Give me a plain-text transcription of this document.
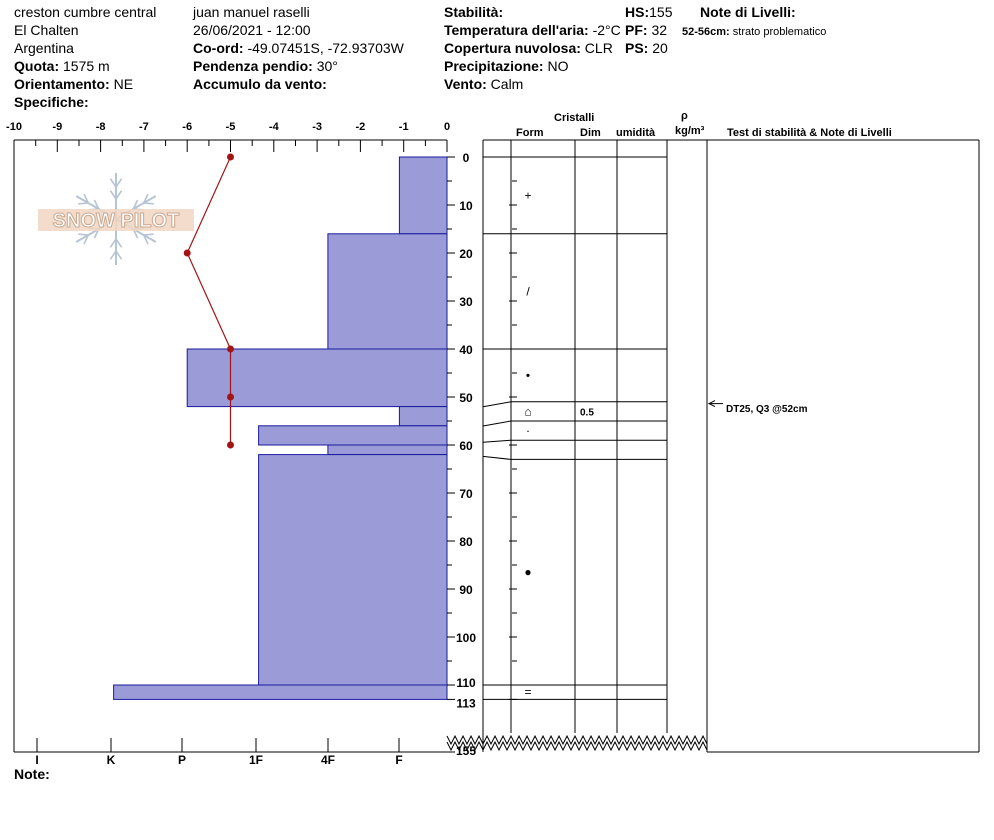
SNOW PILOT
-10	-9	-8	-7	-6	-5	-4	-3	-2	-1	0
I	K	P	1F	4F	F
0
10
20
30
40
50
60
70
80
90
100
110
113
155
+
/
•
⌂	0.5
·
●
=
creston cumbre central
El Chalten
Argentina
Quota: 1575 m
Orientamento: NE
Specifiche:
juan manuel raselli
26/06/2021 - 12:00
Co-ord: -49.07451S, -72.93703W
Pendenza pendio: 30°
Accumulo da vento:
Stabilità:
Temperatura dell'aria: -2°C
Copertura nuvolosa: CLR
Precipitazione: NO
Vento: Calm
HS:155
PF: 32
PS: 20
Note di Livelli:
52-56cm: strato problematico
Cristalli
Form	Dim umidità
ρ
kg/m³ Test di stabilità & Note di Livelli
DT25, Q3 @52cm
Note:
